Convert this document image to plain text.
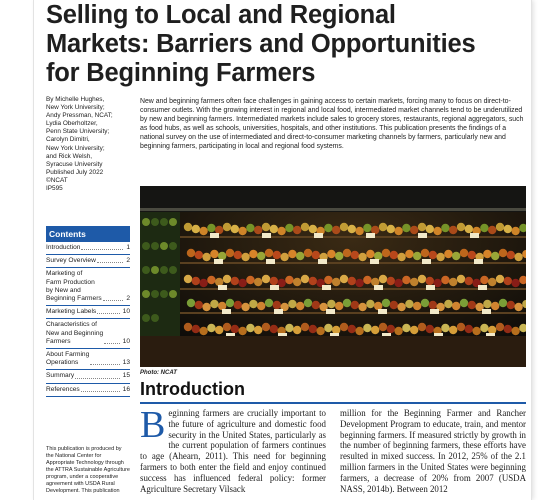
Selling to Local and Regional
Markets: Barriers and Opportunities
for Beginning Farmers
By Michelle Hughes,
New York University;
Andy Pressman, NCAT;
Lydia Oberholtzer,
Penn State University;
Carolyn Dimitri,
New York University;
and Rick Welsh,
Syracuse University
Published July 2022
©NCAT
IP595
Contents
Introduction	1
Survey Overview	2
Marketing of
Farm Production
by New and
Beginning Farmers	2
Marketing Labels	10
Characteristics of
New and Beginning
Farmers	10
About Farming
Operations	13
Summary	15
References	16
This publication is produced by the National Center for Appropriate Technology through the ATTRA Sustainable Agriculture program, under a cooperative agreement with USDA Rural Development. This publication
New and beginning farmers often face challenges in gaining access to certain markets, forcing many to focus on direct-to-consumer outlets. With the growing interest in regional and local food, intermediated market channels tend to be underutilized by new and beginning farmers. Intermediated markets include sales to grocery stores, restaurants, regional aggregators, such as food hubs, as well as schools, universities, hospitals, and other institutions. This publication presents the findings of a national survey on the use of intermediated and direct-to-consumer marketing channels by farmers, particularly new and beginning farmers, participating in local and regional food systems.
Photo: NCAT
Introduction
Beginning farmers are crucially important to the future of agriculture and domestic food security in the United States, particularly as the current population of farmers continues to age (Ahearn, 2011). This need for beginning farmers to both enter the field and enjoy continued success has influenced federal policy: former Agriculture Secretary Vilsack
million for the Beginning Farmer and Rancher Development Program to educate, train, and mentor beginning farmers. If measured strictly by growth in the number of beginning farmers, these efforts have resulted in mixed success. In 2012, 25% of the 2.1 million farmers in the United States were beginning farmers, a decrease of 20% from 2007 (USDA NASS, 2014b). Between 2012
